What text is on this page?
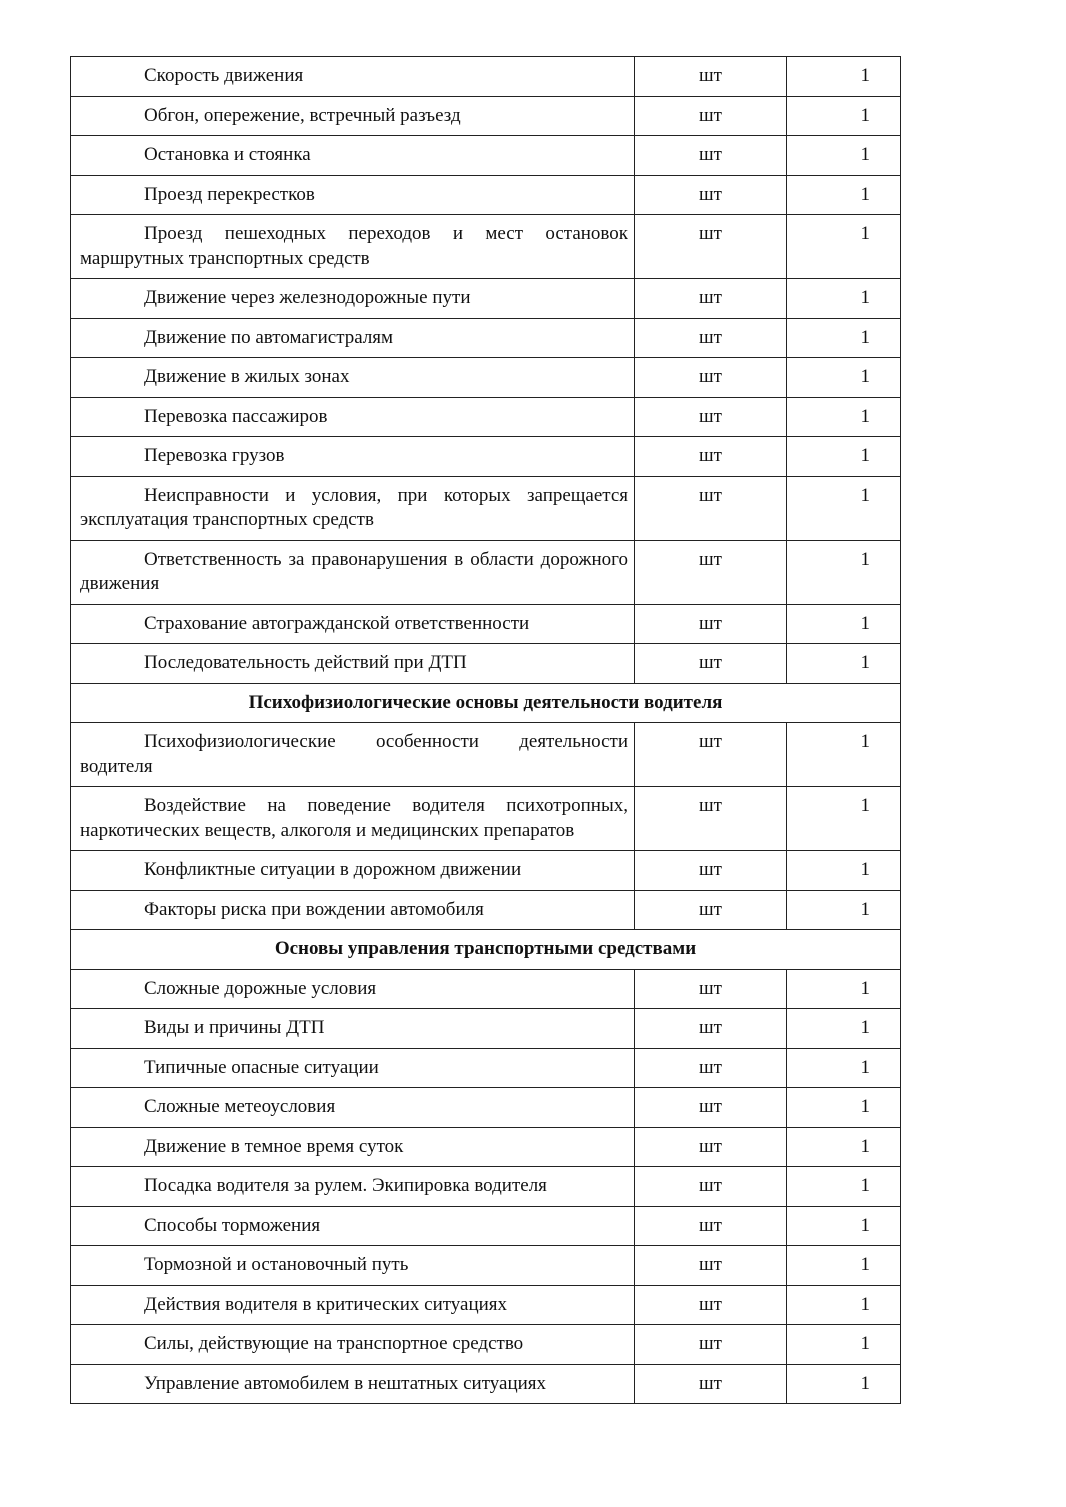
Скорость движения	шт	1
Обгон, опережение, встречный разъезд	шт	1
Остановка и стоянка	шт	1
Проезд перекрестков	шт	1
Проезд пешеходных переходов и мест остановок маршрутных транспортных средств	шт	1
Движение через железнодорожные пути	шт	1
Движение по автомагистралям	шт	1
Движение в жилых зонах	шт	1
Перевозка пассажиров	шт	1
Перевозка грузов	шт	1
Неисправности и условия, при которых запрещается эксплуатация транспортных средств	шт	1
Ответственность за правонарушения в области дорожного движения	шт	1
Страхование автогражданской ответственности	шт	1
Последовательность действий при ДТП	шт	1
Психофизиологические основы деятельности водителя		
Психофизиологические особенности деятельности водителя	шт	1
Воздействие на поведение водителя психотропных, наркотических веществ, алкоголя и медицинских препаратов	шт	1
Конфликтные ситуации в дорожном движении	шт	1
Факторы риска при вождении автомобиля	шт	1
Основы управления транспортными средствами		
Сложные дорожные условия	шт	1
Виды и причины ДТП	шт	1
Типичные опасные ситуации	шт	1
Сложные метеоусловия	шт	1
Движение в темное время суток	шт	1
Посадка водителя за рулем. Экипировка водителя	шт	1
Способы торможения	шт	1
Тормозной и остановочный путь	шт	1
Действия водителя в критических ситуациях	шт	1
Силы, действующие на транспортное средство	шт	1
Управление автомобилем в нештатных ситуациях	шт	1
